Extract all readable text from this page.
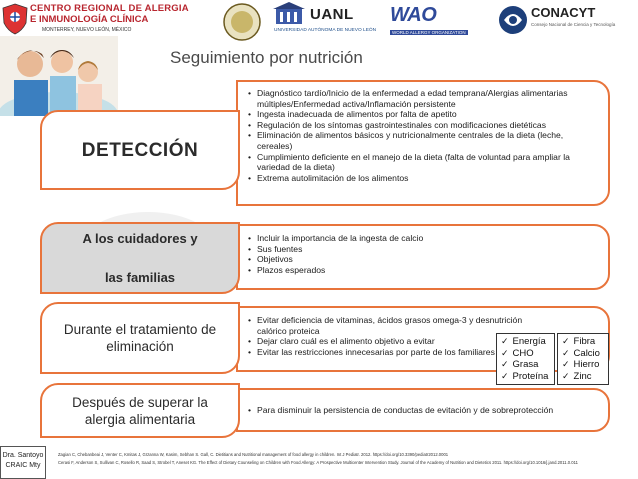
CENTRO REGIONAL DE ALERGIA
E INMUNOLOGÍA CLÍNICA
MONTERREY, NUEVO LEÓN, MÉXICO
UANL
UNIVERSIDAD AUTÓNOMA DE NUEVO LEÓN
WAO
WORLD ALLERGY ORGANIZATION
CONACYT
Consejo Nacional de Ciencia y Tecnología
Seguimiento por nutrición
• Diagnóstico tardío/Inicio de la enfermedad a edad temprana/Alergias alimentarias múltiples/Enfermedad activa/Inflamación persistente
• Ingesta inadecuada de alimentos por falta de apetito
• Regulación de los síntomas gastrointestinales con modificaciones dietéticas
• Eliminación de alimentos básicos y nutricionalmente centrales de la dieta (leche, cereales)
• Cumplimiento deficiente en el manejo de la dieta (falta de voluntad para ampliar la variedad de la dieta)
• Extrema autolimitación de los alimentos
DETECCIÓN
• Incluir la importancia de la ingesta de calcio
• Sus fuentes
• Objetivos
• Plazos esperados
A los cuidadores y
las familias
• Evitar deficiencia de vitaminas, ácidos grasos omega-3 y desnutrición calórico proteica
• Dejar claro cuál es el alimento objetivo a evitar
• Evitar las restricciones innecesarias por parte de los familiares
Durante el tratamiento de eliminación
✓	Energía
✓ CHO
✓ Grasa
✓ Proteína
✓ Fibra
✓ Calcio
✓ Hierro
✓ Zinc
• Para disminuir la persistencia de conductas de evitación y de sobreprotección
Después de superar la alergia alimentaria
Dra. Santoyo
CRAIC Mty
Zagian C, Chebanbeai J, Venter C, Kmitas J, Grzanna W, Kasim, Sebhan S. Gall, C. Dietitians and Nutritional management of food allergy in children. Int J Pediatr. 2012. https://doi.org/10.3390/pediatr2012.0001
Cerasi F, Anderson S, Sullivan C, Rosello R, Saad S, Strobel T, Aneset KG. The Effect of Dietary Counseling on Children with Food Allergy: A Prospective Multicenter Intervention Study. Journal of the Academy of Nutrition and Dietetics 2011. https://doi.org/10.1016/j.jand.2011.0.011
